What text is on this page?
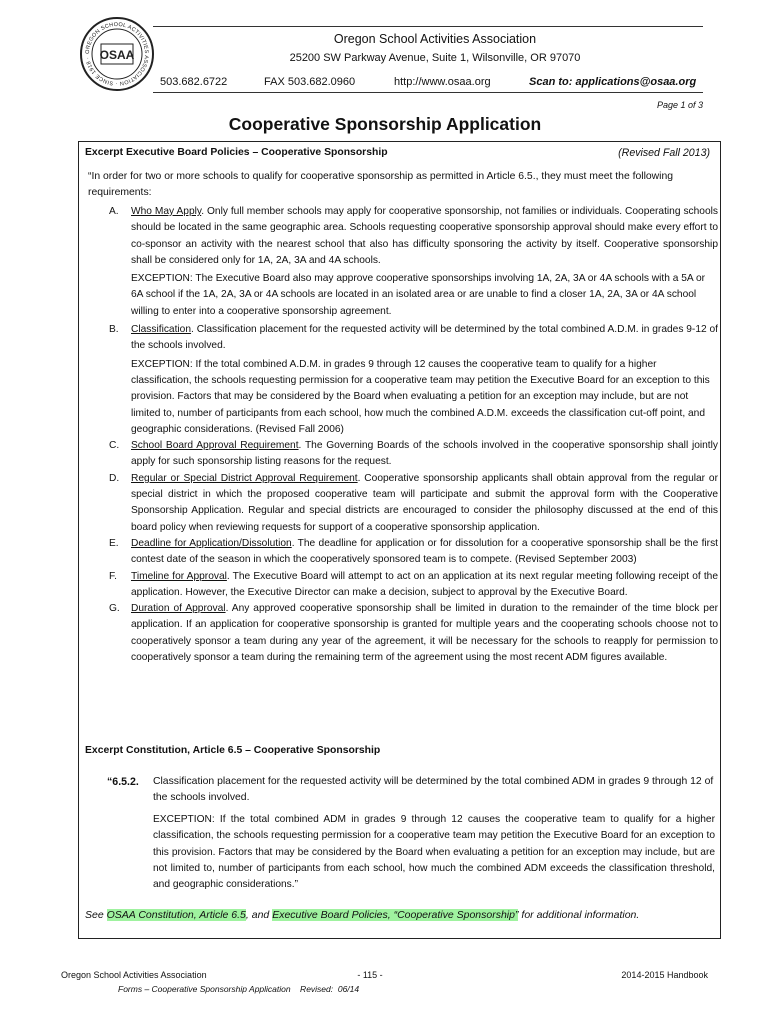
OREGON SCHOOL ACTIVITIES ASSOCIATION · SINCE 1918 · OSAA
Oregon School Activities Association
25200 SW Parkway Avenue, Suite 1, Wilsonville, OR 97070
503.682.6722	FAX 503.682.0960	http://www.osaa.org	Scan to: applications@osaa.org
Page 1 of 3
Cooperative Sponsorship Application
Excerpt Executive Board Policies – Cooperative Sponsorship	(Revised Fall 2013)
“In order for two or more schools to qualify for cooperative sponsorship as permitted in Article 6.5., they must meet the following requirements:
A. Who May Apply. Only full member schools may apply for cooperative sponsorship, not families or individuals. Cooperating schools should be located in the same geographic area. Schools requesting cooperative sponsorship approval should make every effort to co-sponsor an activity with the nearest school that also has difficulty sponsoring the activity by itself. Cooperative sponsorship shall be considered only for 1A, 2A, 3A and 4A schools.

EXCEPTION: The Executive Board also may approve cooperative sponsorships involving 1A, 2A, 3A or 4A schools with a 5A or 6A school if the 1A, 2A, 3A or 4A schools are located in an isolated area or are unable to find a closer 1A, 2A, 3A or 4A school willing to enter into a cooperative sponsorship agreement.

B. Classification. Classification placement for the requested activity will be determined by the total combined A.D.M. in grades 9-12 of the schools involved.

EXCEPTION: If the total combined A.D.M. in grades 9 through 12 causes the cooperative team to qualify for a higher classification, the schools requesting permission for a cooperative team may petition the Executive Board for an exception to this provision. Factors that may be considered by the Board when evaluating a petition for an exception may include, but are not limited to, number of participants from each school, how much the combined A.D.M. exceeds the classification cut-off point, and geographic considerations. (Revised Fall 2006)

C. School Board Approval Requirement. The Governing Boards of the schools involved in the cooperative sponsorship shall jointly apply for such sponsorship listing reasons for the request.

D. Regular or Special District Approval Requirement. Cooperative sponsorship applicants shall obtain approval from the regular or special district in which the proposed cooperative team will participate and submit the approval form with the Cooperative Sponsorship Application. Regular and special districts are encouraged to consider the philosophy discussed at the end of this board policy when reviewing requests for support of a cooperative sponsorship application.

E. Deadline for Application/Dissolution. The deadline for application or for dissolution for a cooperative sponsorship shall be the first contest date of the season in which the cooperatively sponsored team is to compete. (Revised September 2003)

F. Timeline for Approval. The Executive Board will attempt to act on an application at its next regular meeting following receipt of the application. However, the Executive Director can make a decision, subject to approval by the Executive Board.

G. Duration of Approval. Any approved cooperative sponsorship shall be limited in duration to the remainder of the time block per application. If an application for cooperative sponsorship is granted for multiple years and the cooperating schools choose not to cooperatively sponsor a team during any year of the agreement, it will be necessary for the schools to reapply for permission to cooperatively sponsor a team during the remaining term of the agreement using the most recent ADM figures available.

Excerpt Constitution, Article 6.5 – Cooperative Sponsorship
“6.5.2. Classification placement for the requested activity will be determined by the total combined ADM in grades 9 through 12 of the schools involved.
EXCEPTION: If the total combined ADM in grades 9 through 12 causes the cooperative team to qualify for a higher classification, the schools requesting permission for a cooperative team may petition the Executive Board for an exception to this provision. Factors that may be considered by the Board when evaluating a petition for an exception may include, but are not limited to, number of participants from each school, how much the combined ADM exceeds the classification threshold, and geographic considerations.”
See OSAA Constitution, Article 6.5, and Executive Board Policies, “Cooperative Sponsorship” for additional information.
Oregon School Activities Association	- 115 -	2014-2015 Handbook
Forms – Cooperative Sponsorship Application    Revised:  06/14
